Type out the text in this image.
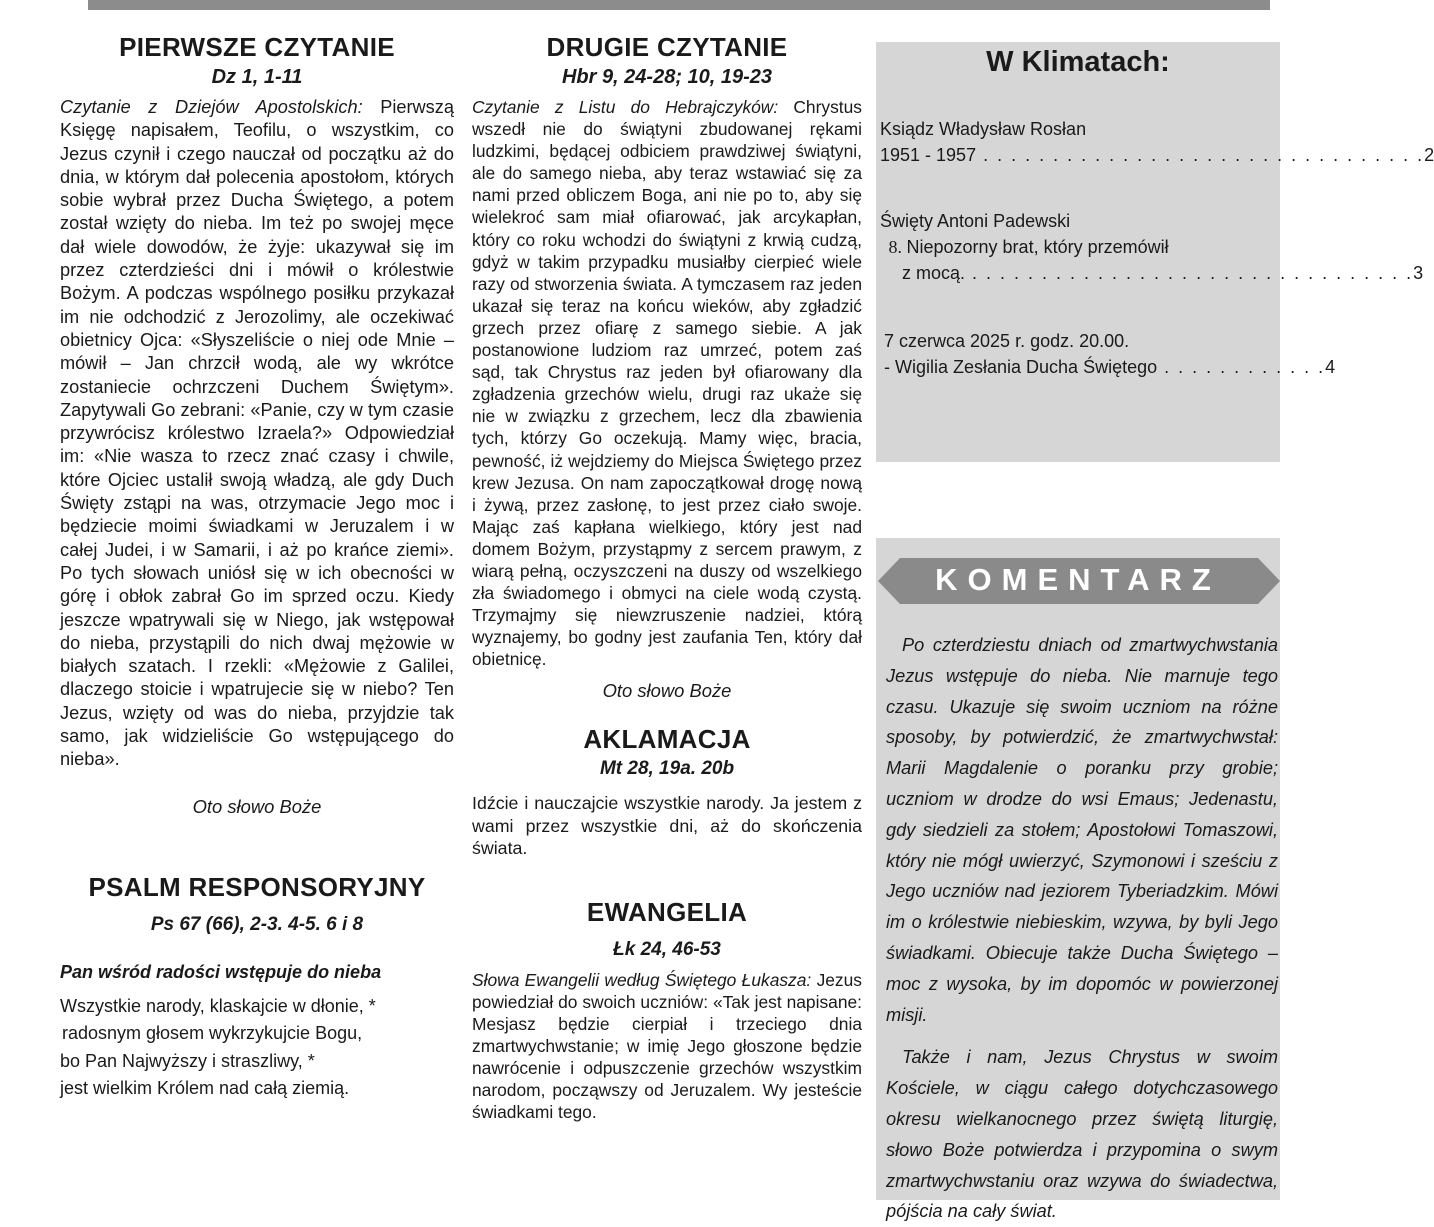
PIERWSZE CZYTANIE
Dz 1, 1-11
Czytanie z Dziejów Apostolskich: Pierwszą Księgę napisałem, Teofilu, o wszystkim, co Jezus czynił i czego nauczał od początku aż do dnia, w którym dał polecenia apostołom, których sobie wybrał przez Ducha Świętego, a potem został wzięty do nieba. Im też po swojej męce dał wiele dowodów, że żyje: ukazywał się im przez czterdzieści dni i mówił o królestwie Bożym. A podczas wspólnego posiłku przykazał im nie odchodzić z Jerozolimy, ale oczekiwać obietnicy Ojca: «Słyszeliście o niej ode Mnie – mówił – Jan chrzcił wodą, ale wy wkrótce zostaniecie ochrzczeni Duchem Świętym». Zapytywali Go zebrani: «Panie, czy w tym czasie przywrócisz królestwo Izraela?» Odpowiedział im: «Nie wasza to rzecz znać czasy i chwile, które Ojciec ustalił swoją władzą, ale gdy Duch Święty zstąpi na was, otrzymacie Jego moc i będziecie moimi świadkami w Jeruzalem i w całej Judei, i w Samarii, i aż po krańce ziemi». Po tych słowach uniósł się w ich obecności w górę i obłok zabrał Go im sprzed oczu. Kiedy jeszcze wpatrywali się w Niego, jak wstępował do nieba, przystąpili do nich dwaj mężowie w białych szatach. I rzekli: «Mężowie z Galilei, dlaczego stoicie i wpatrujecie się w niebo? Ten Jezus, wzięty od was do nieba, przyjdzie tak samo, jak widzieliście Go wstępującego do nieba».
Oto słowo Boże
PSALM RESPONSORYJNY
Ps 67 (66), 2-3. 4-5. 6 i 8
Pan wśród radości wstępuje do nieba
Wszystkie narody, klaskajcie w dłonie, *
radosnym głosem wykrzykujcie Bogu,
bo Pan Najwyższy i straszliwy, *
jest wielkim Królem nad całą ziemią.
DRUGIE CZYTANIE
Hbr 9, 24-28; 10, 19-23
Czytanie z Listu do Hebrajczyków: Chrystus wszedł nie do świątyni zbudowanej rękami ludzkimi, będącej odbiciem prawdziwej świątyni, ale do samego nieba, aby teraz wstawiać się za nami przed obliczem Boga, ani nie po to, aby się wielekroć sam miał ofiarować, jak arcykapłan, który co roku wchodzi do świątyni z krwią cudzą, gdyż w takim przypadku musiałby cierpieć wiele razy od stworzenia świata. A tymczasem raz jeden ukazał się teraz na końcu wieków, aby zgładzić grzech przez ofiarę z samego siebie. A jak postanowione ludziom raz umrzeć, potem zaś sąd, tak Chrystus raz jeden był ofiarowany dla zgładzenia grzechów wielu, drugi raz ukaże się nie w związku z grzechem, lecz dla zbawienia tych, którzy Go oczekują. Mamy więc, bracia, pewność, iż wejdziemy do Miejsca Świętego przez krew Jezusa. On nam zapoczątkował drogę nową i żywą, przez zasłonę, to jest przez ciało swoje. Mając zaś kapłana wielkiego, który jest nad domem Bożym, przystąpmy z sercem prawym, z wiarą pełną, oczyszczeni na duszy od wszelkiego zła świadomego i obmyci na ciele wodą czystą. Trzymajmy się niewzruszenie nadziei, którą wyznajemy, bo godny jest zaufania Ten, który dał obietnicę.
Oto słowo Boże
AKLAMACJA
Mt 28, 19a. 20b
Idźcie i nauczajcie wszystkie narody. Ja jestem z wami przez wszystkie dni, aż do skończenia świata.
EWANGELIA
Łk 24, 46-53
Słowa Ewangelii według Świętego Łukasza: Jezus powiedział do swoich uczniów: «Tak jest napisane: Mesjasz będzie cierpiał i trzeciego dnia zmartwychwstanie; w imię Jego głoszone będzie nawrócenie i odpuszczenie grzechów wszystkim narodom, począwszy od Jeruzalem. Wy jesteście świadkami tego.
W Klimatach:
Ksiądz Władysław Rosłan
1951 - 1957 . . . . . . . . . . . . . . . . . . . . . . . . . . . . . . . . 2
Święty Antoni Padewski
8. Niepozorny brat, który przemówił
z mocą. . . . . . . . . . . . . . . . . . . . . . . . . . . . . . . . . 3
7 czerwca 2025 r. godz. 20.00.
- Wigilia Zesłania Ducha Świętego . . . . . . . . . . . . 4
KOMENTARZ

Po czterdziestu dniach od zmartwychwstania Jezus wstępuje do nieba. Nie marnuje tego czasu. Ukazuje się swoim uczniom na różne sposoby, by potwierdzić, że zmartwychwstał: Marii Magdalenie o poranku przy grobie; uczniom w drodze do wsi Emaus; Jedenastu, gdy siedzieli za stołem; Apostołowi Tomaszowi, który nie mógł uwierzyć, Szymonowi i sześciu z Jego uczniów nad jeziorem Tyberiadzkim. Mówi im o królestwie niebieskim, wzywa, by byli Jego świadkami. Obiecuje także Ducha Świętego – moc z wysoka, by im dopomóc w powierzonej misji.

Także i nam, Jezus Chrystus w swoim Kościele, w ciągu całego dotychczasowego okresu wielkanocnego przez świętą liturgię, słowo Boże potwierdza i przypomina o swym zmartwychwstaniu oraz wzywa do świadectwa, pójścia na cały świat.
